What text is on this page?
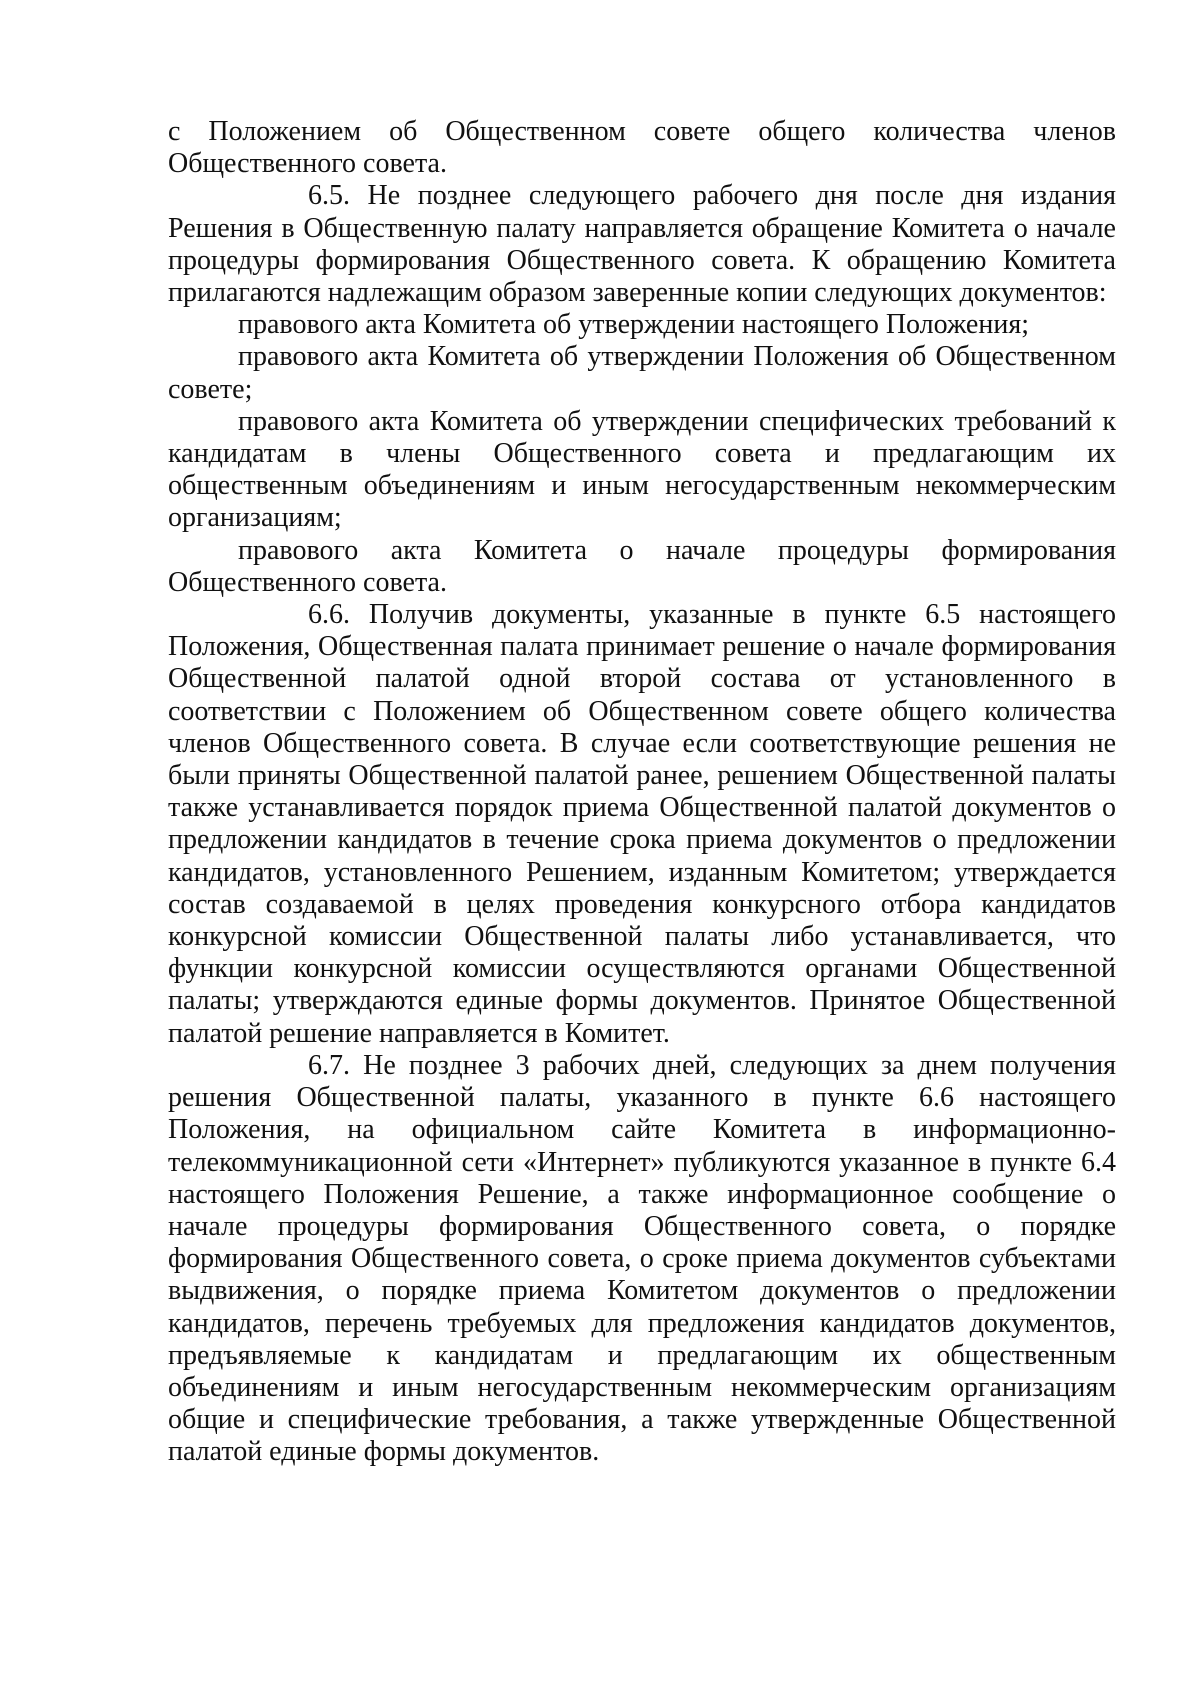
с Положением об Общественном совете общего количества членов Общественного совета.

6.5. Не позднее следующего рабочего дня после дня издания Решения в Общественную палату направляется обращение Комитета о начале процедуры формирования Общественного совета. К обращению Комитета прилагаются надлежащим образом заверенные копии следующих документов:

правового акта Комитета об утверждении настоящего Положения;

правового акта Комитета об утверждении Положения об Общественном совете;

правового акта Комитета об утверждении специфических требований к кандидатам в члены Общественного совета и предлагающим их общественным объединениям и иным негосударственным некоммерческим организациям;

правового акта Комитета о начале процедуры формирования Общественного совета.

6.6. Получив документы, указанные в пункте 6.5 настоящего Положения, Общественная палата принимает решение о начале формирования Общественной палатой одной второй состава от установленного в соответствии с Положением об Общественном совете общего количества членов Общественного совета. В случае если соответствующие решения не были приняты Общественной палатой ранее, решением Общественной палаты также устанавливается порядок приема Общественной палатой документов о предложении кандидатов в течение срока приема документов о предложении кандидатов, установленного Решением, изданным Комитетом; утверждается состав создаваемой в целях проведения конкурсного отбора кандидатов конкурсной комиссии Общественной палаты либо устанавливается, что функции конкурсной комиссии осуществляются органами Общественной палаты; утверждаются единые формы документов. Принятое Общественной палатой решение направляется в Комитет.

6.7. Не позднее 3 рабочих дней, следующих за днем получения решения Общественной палаты, указанного в пункте 6.6 настоящего Положения, на официальном сайте Комитета в информационно-телекоммуникационной сети «Интернет» публикуются указанное в пункте 6.4 настоящего Положения Решение, а также информационное сообщение о начале процедуры формирования Общественного совета, о порядке формирования Общественного совета, о сроке приема документов субъектами выдвижения, о порядке приема Комитетом документов о предложении кандидатов, перечень требуемых для предложения кандидатов документов, предъявляемые к кандидатам и предлагающим их общественным объединениям и иным негосударственным некоммерческим организациям общие и специфические требования, а также утвержденные Общественной палатой единые формы документов.
